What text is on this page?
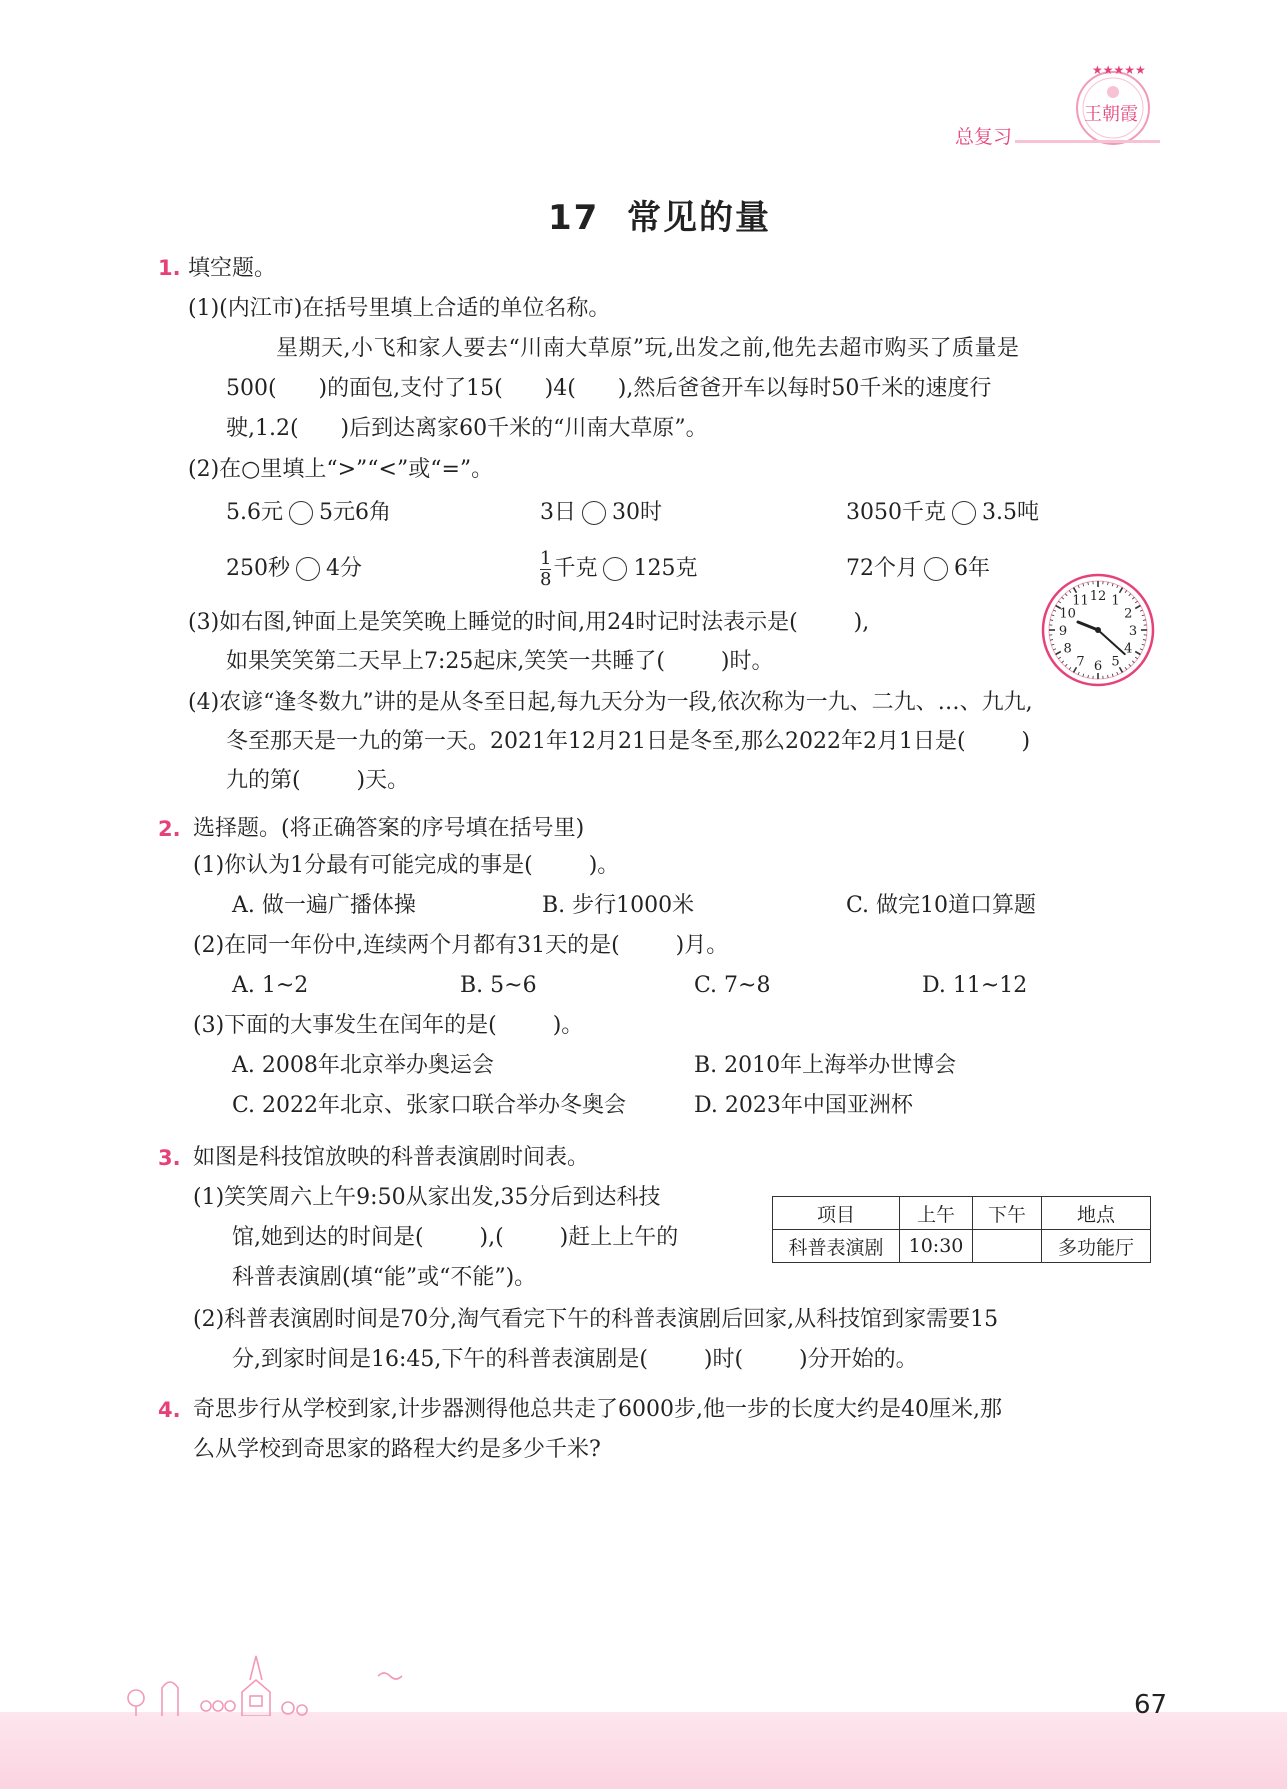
★★★★★
王朝霞
总复习
17  常见的量
1. 填空题。
(1)(内江市)在括号里填上合适的单位名称。
星期天,小飞和家人要去“川南大草原”玩,出发之前,他先去超市购买了质量是
500(      )的面包,支付了15(      )4(      ),然后爸爸开车以每时50千米的速度行
驶,1.2(      )后到达离家60千米的“川南大草原”。
(2)在○里填上“>”“<”或“=”。
5.6元 5元6角	3日 30时	3050千克 3.5吨
250秒 4分	$\frac{1}{8}$ 千克 125克	72个月 6年
(3)如右图,钟面上是笑笑晚上睡觉的时间,用24时记时法表示是(        ),
如果笑笑第二天早上7:25起床,笑笑一共睡了(        )时。
12 1
2
3
4
5
6
7
8
9
10
11
(4)农谚“逢冬数九”讲的是从冬至日起,每九天分为一段,依次称为一九、二九、…、九九,
冬至那天是一九的第一天。2021年12月21日是冬至,那么2022年2月1日是(        )
九的第(        )天。
2. 选择题。(将正确答案的序号填在括号里)
(1)你认为1分最有可能完成的事是(        )。
A. 做一遍广播体操	B. 步行1000米	C. 做完10道口算题
(2)在同一年份中,连续两个月都有31天的是(        )月。
A. 1~2	B. 5~6	C. 7~8	D. 11~12
(3)下面的大事发生在闰年的是(        )。
A. 2008年北京举办奥运会	B. 2010年上海举办世博会
C. 2022年北京、张家口联合举办冬奥会	D. 2023年中国亚洲杯
3. 如图是科技馆放映的科普表演剧时间表。
(1)笑笑周六上午9:50从家出发,35分后到达科技
馆,她到达的时间是(        ),(        )赶上上午的
科普表演剧(填“能”或“不能”)。
项目	上午	下午	地点
科普表演剧	10:30		多功能厅
(2)科普表演剧时间是70分,淘气看完下午的科普表演剧后回家,从科技馆到家需要15
分,到家时间是16:45,下午的科普表演剧是(        )时(        )分开始的。
4. 奇思步行从学校到家,计步器测得他总共走了6000步,他一步的长度大约是40厘米,那
么从学校到奇思家的路程大约是多少千米?
67
